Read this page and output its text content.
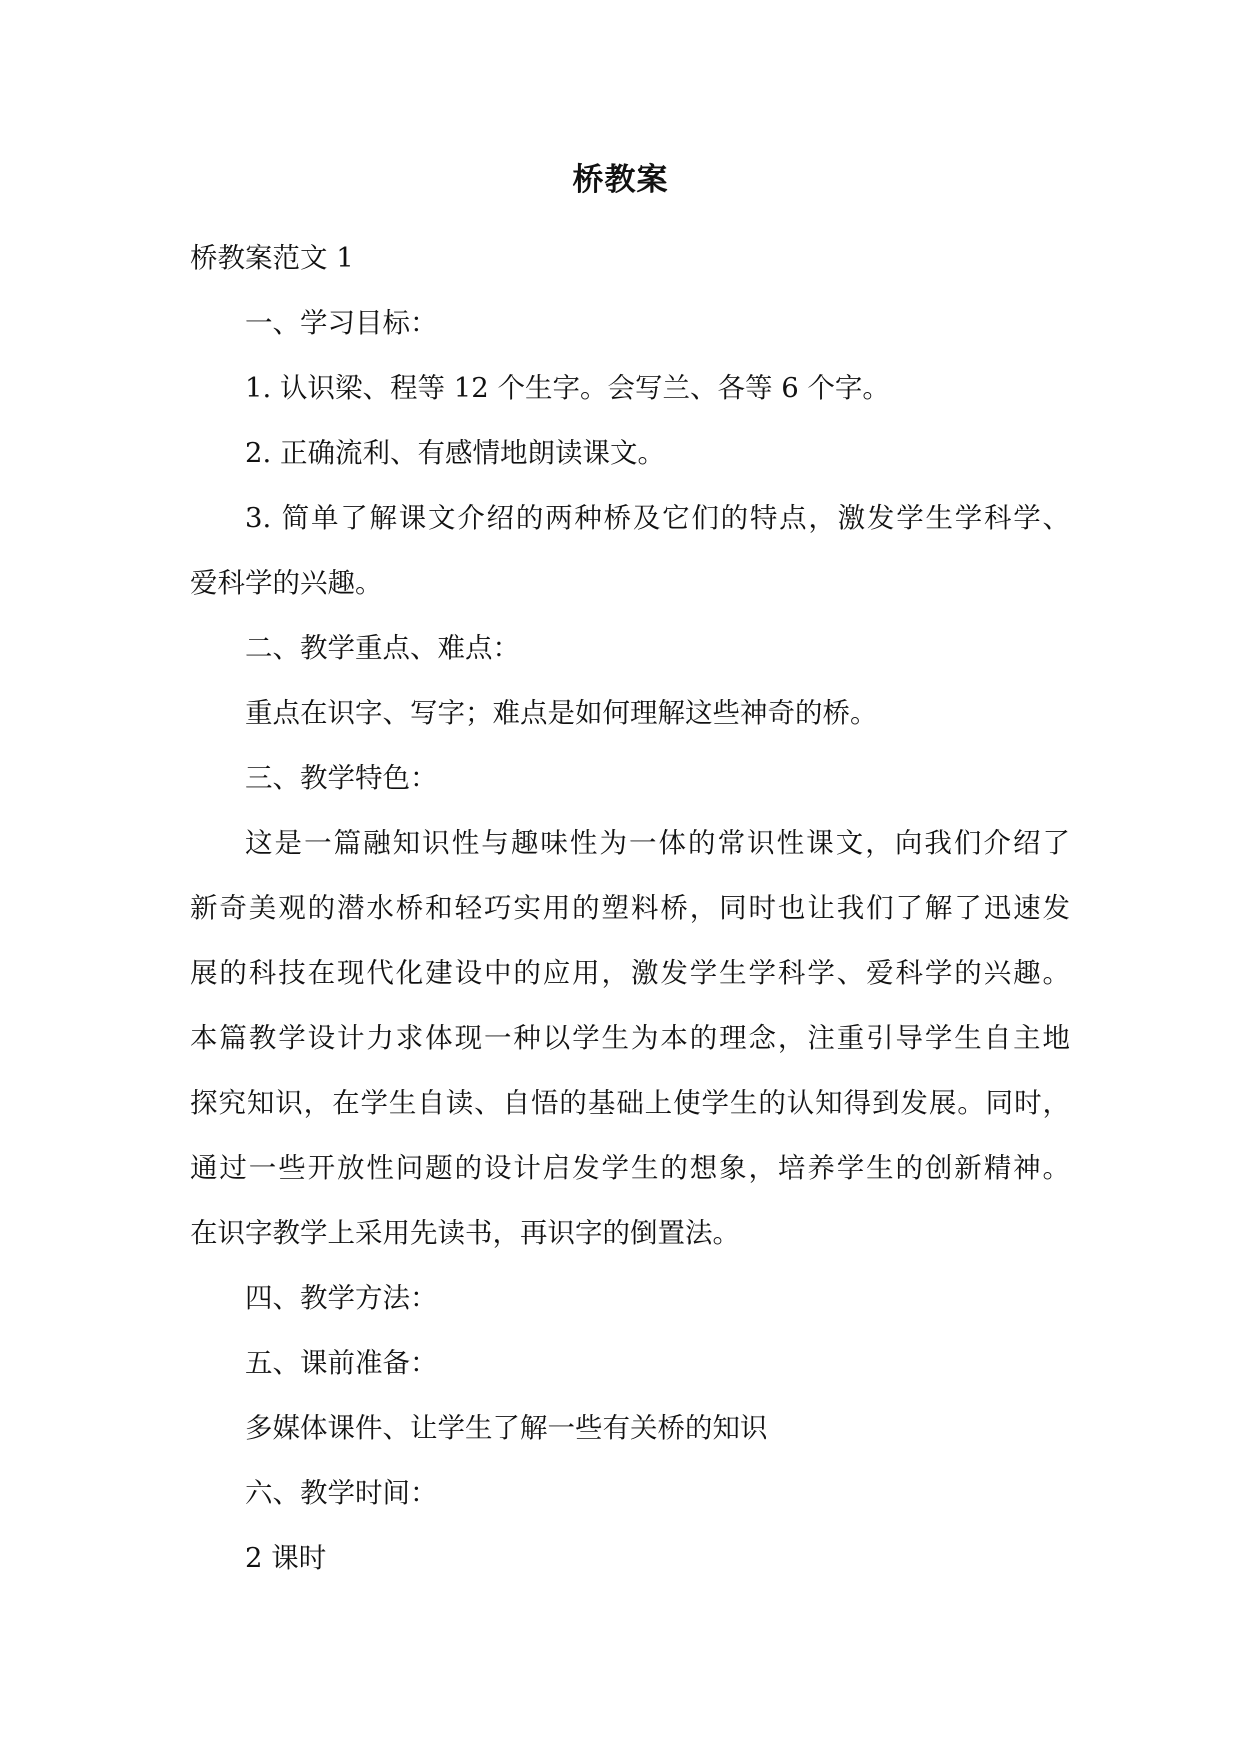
桥教案

桥教案范文 1

一、学习目标：

1. 认识梁、程等 12 个生字。会写兰、各等 6 个字。

2. 正确流利、有感情地朗读课文。

3. 简单了解课文介绍的两种桥及它们的特点，激发学生学科学、

爱科学的兴趣。

二、教学重点、难点：

重点在识字、写字；难点是如何理解这些神奇的桥。

三、教学特色：

这是一篇融知识性与趣味性为一体的常识性课文，向我们介绍了

新奇美观的潜水桥和轻巧实用的塑料桥，同时也让我们了解了迅速发

展的科技在现代化建设中的应用，激发学生学科学、爱科学的兴趣。

本篇教学设计力求体现一种以学生为本的理念，注重引导学生自主地

探究知识，在学生自读、自悟的基础上使学生的认知得到发展。同时，

通过一些开放性问题的设计启发学生的想象，培养学生的创新精神。

在识字教学上采用先读书，再识字的倒置法。

四、教学方法：

五、课前准备：

多媒体课件、让学生了解一些有关桥的知识

六、教学时间：

2 课时
